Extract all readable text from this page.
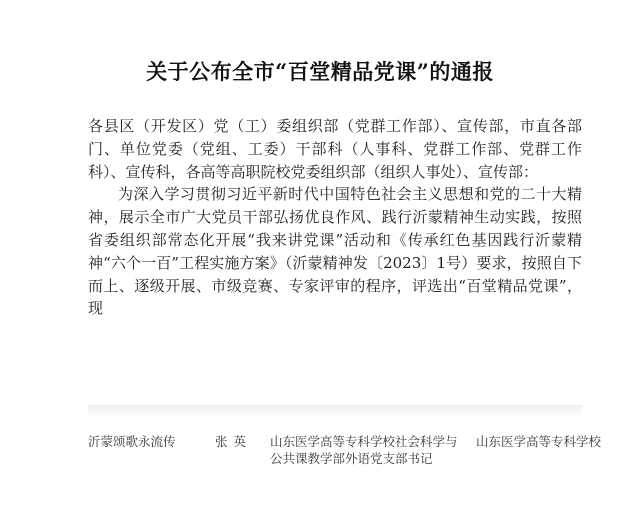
关于公布全市“百堂精品党课”的通报

各县区（开发区）党（工）委组织部（党群工作部）、宣传部，市直各部门、单位党委（党组、工委）干部科（人事科、党群工作部、党群工作科）、宣传科，各高等高职院校党委组织部（组织人事处）、宣传部：

为深入学习贯彻习近平新时代中国特色社会主义思想和党的二十大精神，展示全市广大党员干部弘扬优良作风、践行沂蒙精神生动实践，按照省委组织部常态化开展“我来讲党课”活动和《传承红色基因践行沂蒙精神“六个一百”工程实施方案》（沂蒙精神发〔2023〕1号）要求，按照自下而上、逐级开展、市级竞赛、专家评审的程序，评选出“百堂精品党课”，现

沂蒙颂歌永流传	张英 山东医学高等专科学校社会科学与公共课教学部外语党支部书记
山东医学高等专科学校
